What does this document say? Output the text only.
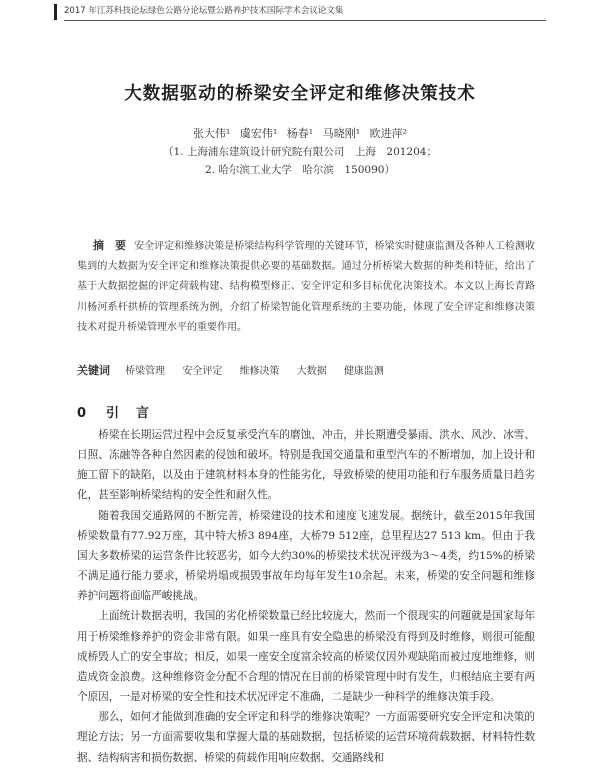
2017 年江苏科技论坛绿色公路分论坛暨公路养护技术国际学术会议论文集
大数据驱动的桥梁安全评定和维修决策技术
张大伟¹ 虞宏伟¹ 杨春¹ 马晓刚¹ 欧进萍²
（1. 上海浦东建筑设计研究院有限公司　上海　201204；
2. 哈尔滨工业大学　哈尔滨　150090）
摘　要 安全评定和维修决策是桥梁结构科学管理的关键环节，桥梁实时健康监测及各种人工检测收集到的大数据为安全评定和维修决策提供必要的基础数据。通过分析桥梁大数据的种类和特征，给出了基于大数据挖掘的评定荷载构建、结构模型修正、安全评定和多目标优化决策技术。本文以上海长青路川杨河系杆拱桥的管理系统为例，介绍了桥梁智能化管理系统的主要功能，体现了安全评定和维修决策技术对提升桥梁管理水平的重要作用。
关键词 桥梁管理 安全评定 维修决策 大数据 健康监测
0 引　言

桥梁在长期运营过程中会反复承受汽车的磨蚀、冲击，并长期遭受暴雨、洪水、风沙、冰雪、日照、冻融等各种自然因素的侵蚀和破坏。特别是我国交通量和重型汽车的不断增加，加上设计和施工留下的缺陷，以及由于建筑材料本身的性能劣化，导致桥梁的使用功能和行车服务质量日趋劣化，甚至影响桥梁结构的安全性和耐久性。

随着我国交通路网的不断完善，桥梁建设的技术和速度飞速发展。据统计，截至2015年我国桥梁数量有77.92万座，其中特大桥3 894座，大桥79 512座，总里程达27 513 km。但由于我国大多数桥梁的运营条件比较恶劣，如今大约30%的桥梁技术状况评级为3～4类，约15%的桥梁不满足通行能力要求，桥梁坍塌或损毁事故年均每年发生10余起。未来，桥梁的安全问题和维修养护问题将面临严峻挑战。

上面统计数据表明，我国的劣化桥梁数量已经比较庞大，然而一个很现实的问题就是国家每年用于桥梁维修养护的资金非常有限。如果一座具有安全隐患的桥梁没有得到及时维修，则很可能酿成桥毁人亡的安全事故；相反，如果一座安全度富余较高的桥梁仅因外观缺陷而被过度地维修，则造成资金浪费。这种维修资金分配不合理的情况在目前的桥梁管理中时有发生，归根结底主要有两个原因，一是对桥梁的安全性和技术状况评定不准确，二是缺少一种科学的维修决策手段。

那么，如何才能做到准确的安全评定和科学的维修决策呢？一方面需要研究安全评定和决策的理论方法；另一方面需要收集和掌握大量的基础数据，包括桥梁的运营环境荷载数据、材料特性数据、结构病害和损伤数据、桥梁的荷载作用响应数据、交通路线和
